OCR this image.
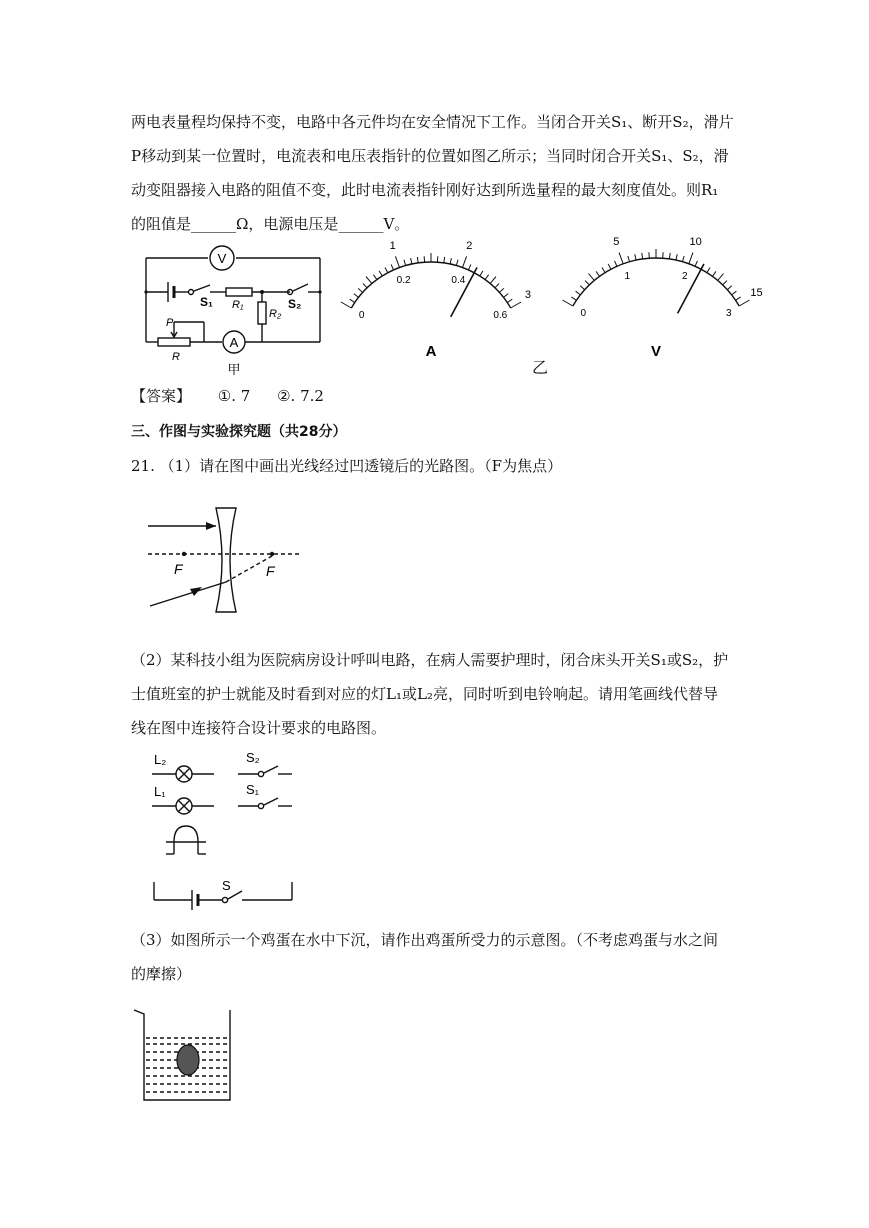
两电表量程均保持不变，电路中各元件均在安全情况下工作。当闭合开关S₁、断开S₂，滑片
P移动到某一位置时，电流表和电压表指针的位置如图乙所示；当同时闭合开关S₁、S₂，滑
动变阻器接入电路的阻值不变，此时电流表指针刚好达到所选量程的最大刻度值处。则R₁
的阻值是______Ω，电源电压是______V。
V
A
S₁ R₁
R₂
S₂
P
R
甲
1	2
3
0
0.2	0.4
0.6
A
5	10
15
0
1	2
3
V
乙
【答案】 ①. 7 ②. 7.2
三、作图与实验探究题（共28分）
21. （1）请在图中画出光线经过凹透镜后的光路图。（F为焦点）
F	F
（2）某科技小组为医院病房设计呼叫电路，在病人需要护理时，闭合床头开关S₁或S₂，护
士值班室的护士就能及时看到对应的灯L₁或L₂亮，同时听到电铃响起。请用笔画线代替导
线在图中连接符合设计要求的电路图。
L₂	S₂
L₁	S₁
S
（3）如图所示一个鸡蛋在水中下沉，请作出鸡蛋所受力的示意图。（不考虑鸡蛋与水之间
的摩擦）
